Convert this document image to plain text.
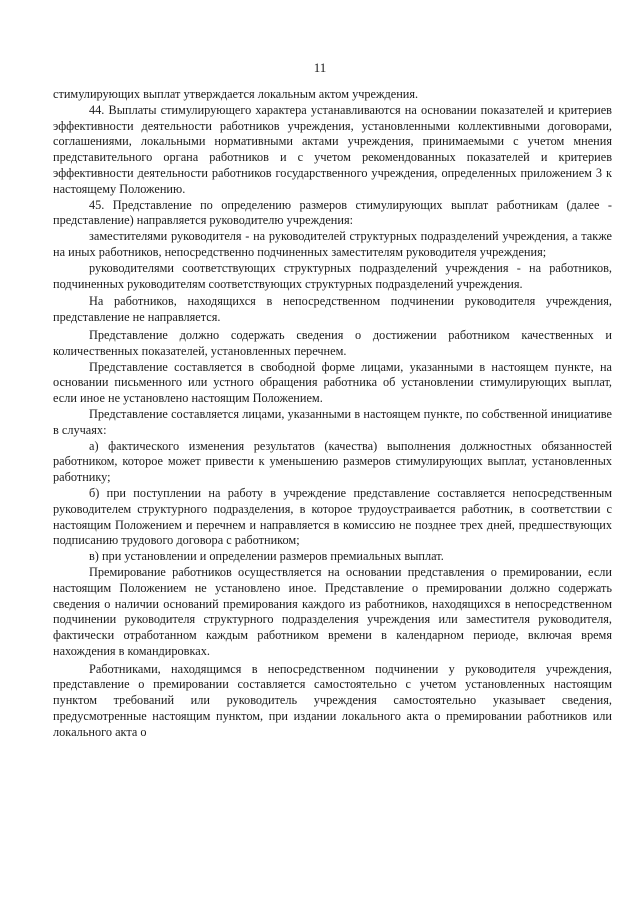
11

стимулирующих выплат утверждается локальным актом учреждения.

44. Выплаты стимулирующего характера устанавливаются на основании показателей и критериев эффективности деятельности работников учреждения, установленными коллективными договорами, соглашениями, локальными нормативными актами учреждения, принимаемыми с учетом мнения представительного органа работников и с учетом рекомендованных показателей и критериев эффективности деятельности работников государственного учреждения, определенных приложением 3 к настоящему Положению.

45. Представление по определению размеров стимулирующих выплат работникам (далее - представление) направляется руководителю учреждения:

заместителями руководителя - на руководителей структурных подразделений учреждения, а также на иных работников, непосредственно подчиненных заместителям руководителя учреждения;

руководителями соответствующих структурных подразделений учреждения - на работников, подчиненных руководителям соответствующих структурных подразделений учреждения.

На работников, находящихся в непосредственном подчинении руководителя учреждения, представление не направляется.

Представление должно содержать сведения о достижении работником качественных и количественных показателей, установленных перечнем.

Представление составляется в свободной форме лицами, указанными в настоящем пункте, на основании письменного или устного обращения работника об установлении стимулирующих выплат, если иное не установлено настоящим Положением.

Представление составляется лицами, указанными в настоящем пункте, по собственной инициативе в случаях:

а) фактического изменения результатов (качества) выполнения должностных обязанностей работником, которое может привести к уменьшению размеров стимулирующих выплат, установленных работнику;

б) при поступлении на работу в учреждение представление составляется непосредственным руководителем структурного подразделения, в которое трудоустраивается работник, в соответствии с настоящим Положением и перечнем и направляется в комиссию не позднее трех дней, предшествующих подписанию трудового договора с работником;

в) при установлении и определении размеров премиальных выплат.

Премирование работников осуществляется на основании представления о премировании, если настоящим Положением не установлено иное. Представление о премировании должно содержать сведения о наличии оснований премирования каждого из работников, находящихся в непосредственном подчинении руководителя структурного подразделения учреждения или заместителя руководителя, фактически отработанном каждым работником времени в календарном периоде, включая время нахождения в командировках.

Работниками, находящимся в непосредственном подчинении у руководителя учреждения, представление о премировании составляется самостоятельно с учетом установленных настоящим пунктом требований или руководитель учреждения самостоятельно указывает сведения, предусмотренные настоящим пунктом, при издании локального акта о премировании работников или локального акта о
